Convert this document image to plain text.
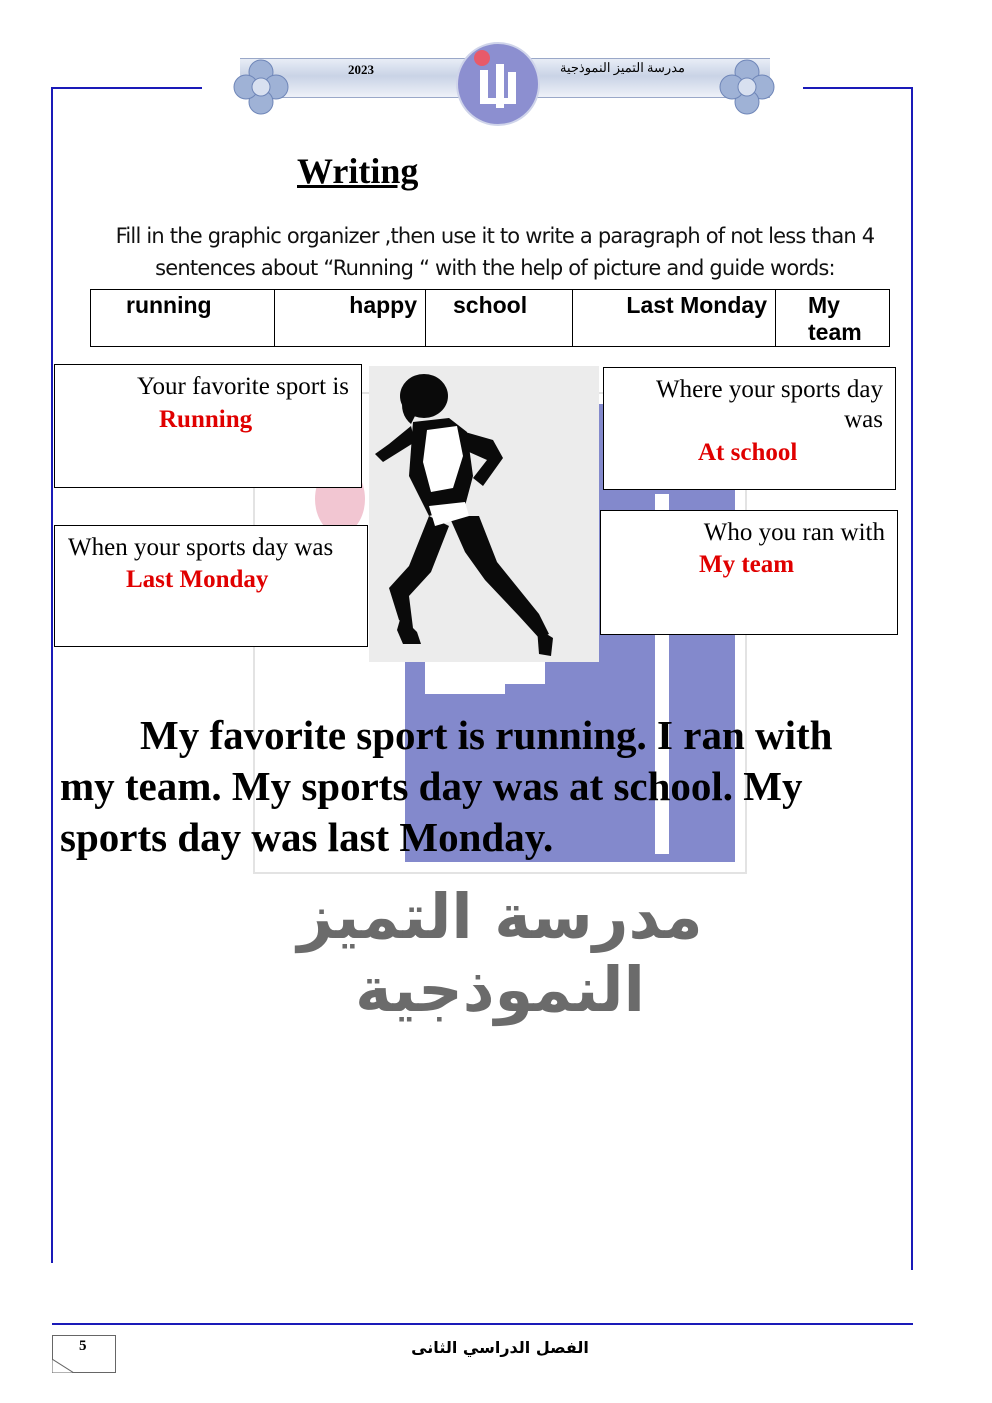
2023	مدرسة التميز النموذجية
Writing
Fill in the graphic organizer ,then use it to write a paragraph of not less than 4
sentences about “Running “ with the help of picture and guide words:
running	happy	school	Last Monday	My team
Your favorite sport is
Running
Where your sports day
was
At school
When your sports day was
Last Monday
Who you ran with
My team
My favorite sport is running. I ran with
my team. My sports day was at school. My
sports day was last Monday.
مدرسة التميز النموذجية
5	الفصل الدراسي الثانى
